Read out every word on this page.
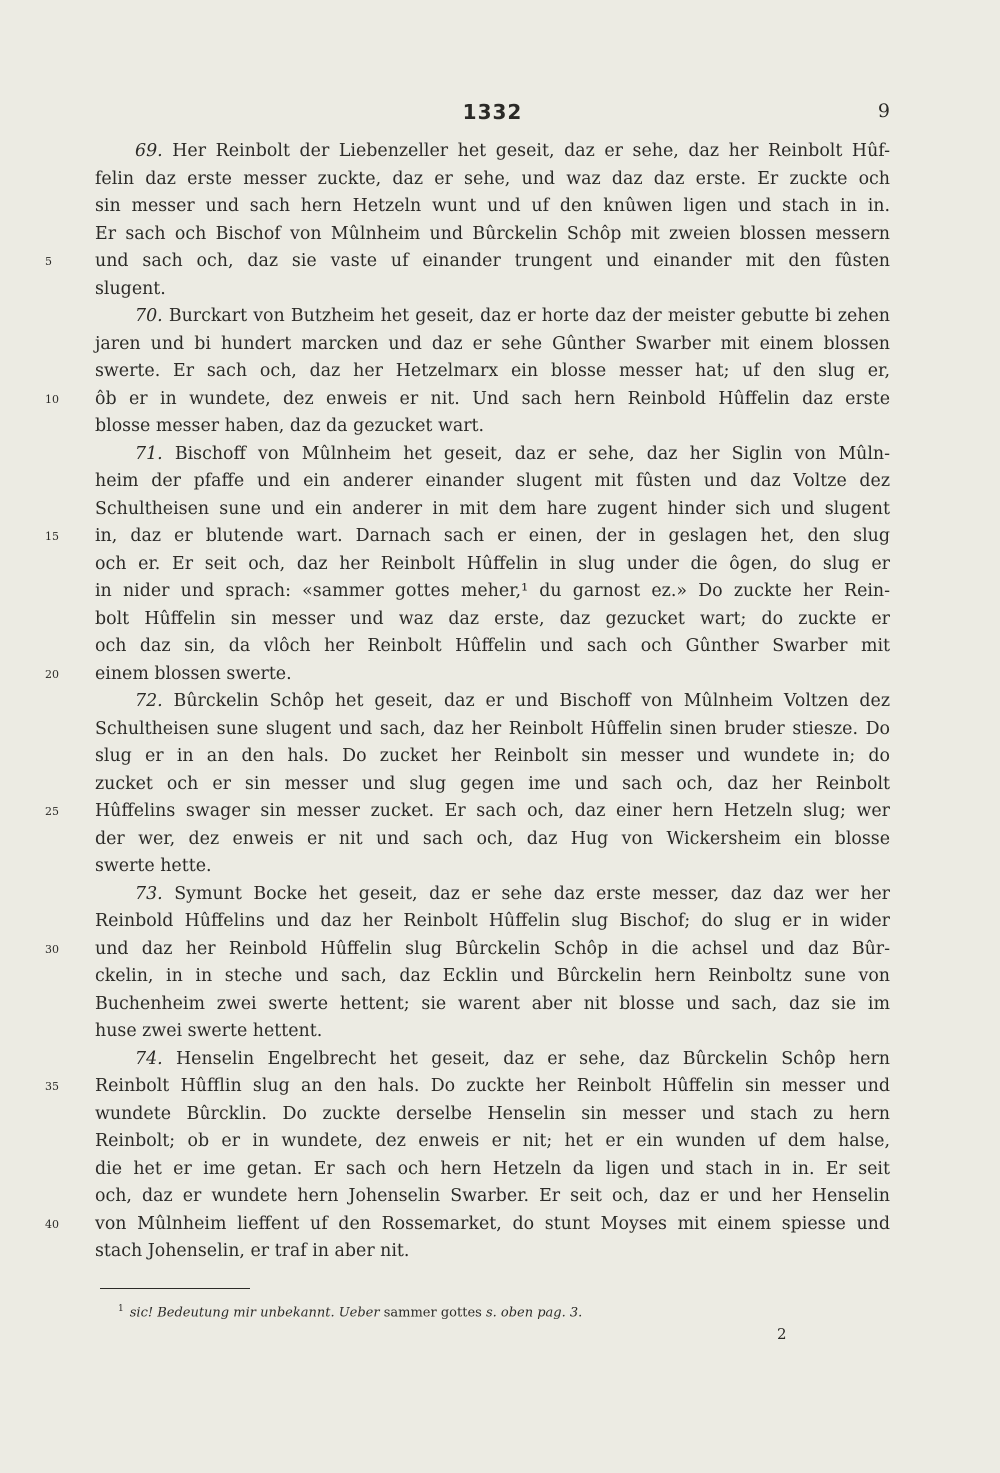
1332	9
69. Her Reinbolt der Liebenzeller het geseit, daz er sehe, daz her Reinbolt Hûf-
felin daz erste messer zuckte, daz er sehe, und waz daz daz erste. Er zuckte och
sin messer und sach hern Hetzeln wunt und uf den knûwen ligen und stach in in.
Er sach och Bischof von Mûlnheim und Bûrckelin Schôp mit zweien blossen messern
5	und sach och, daz sie vaste uf einander trungent und einander mit den fûsten
slugent.
70. Burckart von Butzheim het geseit, daz er horte daz der meister gebutte bi zehen
jaren und bi hundert marcken und daz er sehe Gûnther Swarber mit einem blossen
swerte. Er sach och, daz her Hetzelmarx ein blosse messer hat; uf den slug er,
10	ôb er in wundete, dez enweis er nit. Und sach hern Reinbold Hûffelin daz erste
blosse messer haben, daz da gezucket wart.
71. Bischoff von Mûlnheim het geseit, daz er sehe, daz her Siglin von Mûln-
heim der pfaffe und ein anderer einander slugent mit fûsten und daz Voltze dez
Schultheisen sune und ein anderer in mit dem hare zugent hinder sich und slugent
15	in, daz er blutende wart. Darnach sach er einen, der in geslagen het, den slug
och er. Er seit och, daz her Reinbolt Hûffelin in slug under die ôgen, do slug er
in nider und sprach: «sammer gottes meher,¹ du garnost ez.» Do zuckte her Rein-
bolt Hûffelin sin messer und waz daz erste, daz gezucket wart; do zuckte er
och daz sin, da vlôch her Reinbolt Hûffelin und sach och Gûnther Swarber mit
20	einem blossen swerte.
72. Bûrckelin Schôp het geseit, daz er und Bischoff von Mûlnheim Voltzen dez
Schultheisen sune slugent und sach, daz her Reinbolt Hûffelin sinen bruder stiesze. Do
slug er in an den hals. Do zucket her Reinbolt sin messer und wundete in; do
zucket och er sin messer und slug gegen ime und sach och, daz her Reinbolt
25	Hûffelins swager sin messer zucket. Er sach och, daz einer hern Hetzeln slug; wer
der wer, dez enweis er nit und sach och, daz Hug von Wickersheim ein blosse
swerte hette.
73. Symunt Bocke het geseit, daz er sehe daz erste messer, daz daz wer her
Reinbold Hûffelins und daz her Reinbolt Hûffelin slug Bischof; do slug er in wider
30	und daz her Reinbold Hûffelin slug Bûrckelin Schôp in die achsel und daz Bûr-
ckelin, in in steche und sach, daz Ecklin und Bûrckelin hern Reinboltz sune von
Buchenheim zwei swerte hettent; sie warent aber nit blosse und sach, daz sie im
huse zwei swerte hettent.
74. Henselin Engelbrecht het geseit, daz er sehe, daz Bûrckelin Schôp hern
35	Reinbolt Hûfflin slug an den hals. Do zuckte her Reinbolt Hûffelin sin messer und
wundete Bûrcklin. Do zuckte derselbe Henselin sin messer und stach zu hern
Reinbolt; ob er in wundete, dez enweis er nit; het er ein wunden uf dem halse,
die het er ime getan. Er sach och hern Hetzeln da ligen und stach in in. Er seit
och, daz er wundete hern Johenselin Swarber. Er seit och, daz er und her Henselin
40	von Mûlnheim lieffent uf den Rossemarket, do stunt Moyses mit einem spiesse und
stach Johenselin, er traf in aber nit.
$^1$ sic! Bedeutung mir unbekannt. Ueber sammer gottes s. oben pag. 3.
2
